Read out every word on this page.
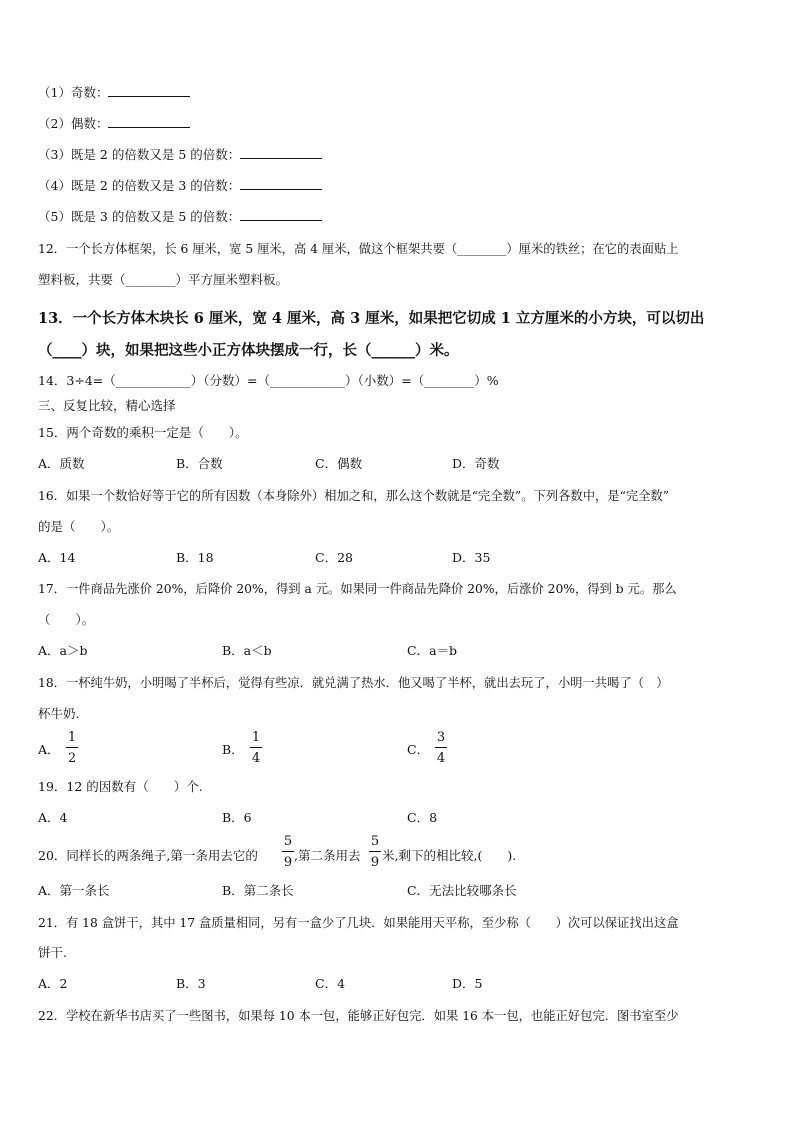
（1）奇数：
（2）偶数：
（3）既是 2 的倍数又是 5 的倍数：
（4）既是 2 的倍数又是 3 的倍数：
（5）既是 3 的倍数又是 5 的倍数：
12．一个长方体框架，长 6 厘米，宽 5 厘米，高 4 厘米，做这个框架共要（________）厘米的铁丝；在它的表面贴上
塑料板，共要（________）平方厘米塑料板。
13．一个长方体木块长 6 厘米，宽 4 厘米，高 3 厘米，如果把它切成 1 立方厘米的小方块，可以切出
（____）块，如果把这些小正方体块摆成一行，长（______）米。
14．3÷4=（____________）（分数）=（____________）（小数）=（________）%
三、反复比较，精心选择
15．两个奇数的乘积一定是（　　）。
A．质数	B．合数	C．偶数	D．奇数
16．如果一个数恰好等于它的所有因数（本身除外）相加之和，那么这个数就是“完全数”。下列各数中，是“完全数”
的是（　　）。
A．14	B．18	C．28	D．35
17．一件商品先涨价 20%，后降价 20%，得到 a 元。如果同一件商品先降价 20%，后涨价 20%，得到 b 元。那么
（　　）。
A．a＞b	B．a＜b	C．a＝b
18．一杯纯牛奶，小明喝了半杯后，觉得有些凉．就兑满了热水．他又喝了半杯，就出去玩了，小明一共喝了（　）
杯牛奶.
A．
1
2
B．
1
4
C．
3
4
19．12 的因数有（　　）个.
A．4	B．6	C．8
20．同样长的两条绳子,第一条用去它的
5
9 ,第二条用去
5
9 米,剩下的相比较,(　　).
A．第一条长	B．第二条长	C．无法比较哪条长
21．有 18 盒饼干，其中 17 盒质量相同，另有一盒少了几块．如果能用天平称，至少称（　　）次可以保证找出这盒
饼干.
A．2	B．3	C．4	D．5
22．学校在新华书店买了一些图书，如果每 10 本一包，能够正好包完．如果 16 本一包，也能正好包完．图书室至少
